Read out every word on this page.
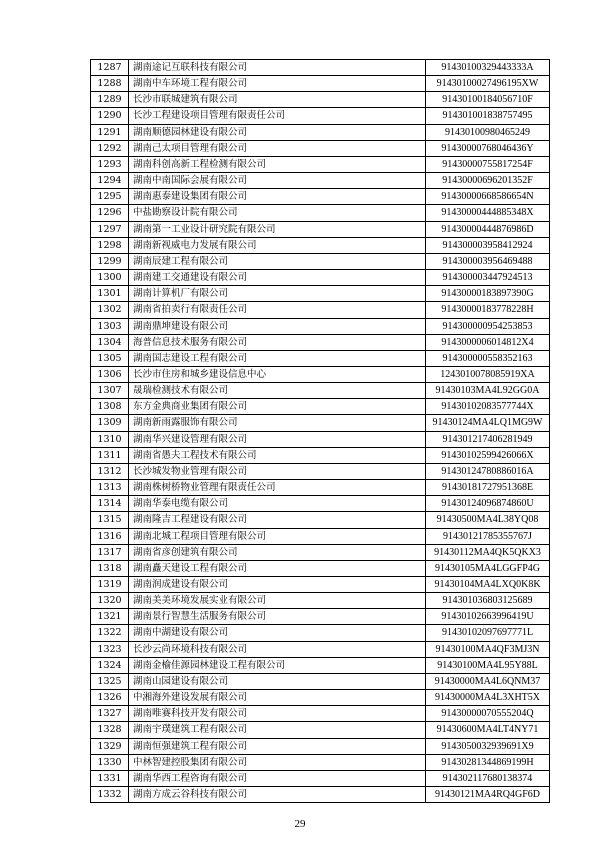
1287	湖南途记互联科技有限公司	91430100329443333A
1288	湖南中车环境工程有限公司	91430100027496195XW
1289	长沙市联城建筑有限公司	91430100184056710F
1290	长沙工程建设项目管理有限责任公司	914301001838757495
1291	湖南顺德园林建设有限公司	91430100980465249
1292	湖南己太项目管理有限公司	91430000768046436Y
1293	湖南科创高新工程检测有限公司	91430000755817254F
1294	湖南中南国际会展有限公司	91430000696201352F
1295	湖南惠泰建设集团有限公司	91430000668586654N
1296	中盐勘察设计院有限公司	91430000444885348X
1297	湖南第一工业设计研究院有限公司	91430000444876986D
1298	湖南新视威电力发展有限公司	914300003958412924
1299	湖南辰建工程有限公司	914300003956469488
1300	湖南建工交通建设有限公司	914300003447924513
1301	湖南计算机厂有限公司	91430000183897390G
1302	湖南省拍卖行有限责任公司	91430000183778228H
1303	湖南鼎坤建设有限公司	914300000954253853
1304	海普信息技术服务有限公司	9143000006014812X4
1305	湖南国志建设工程有限公司	914300000558352163
1306	长沙市住房和城乡建设信息中心	1243010078085919XA
1307	晟瑞检测技术有限公司	91430103MA4L92GG0A
1308	东方金典商业集团有限公司	91430102083577744X
1309	湖南新雨露服饰有限公司	91430124MA4LQ1MG9W
1310	湖南华兴建设管理有限公司	914301217406281949
1311	湖南省愚夫工程技术有限公司	91430102599426066X
1312	长沙城发物业管理有限公司	91430124780886016A
1313	湖南株树桥物业管理有限责任公司	91430181727951368E
1314	湖南华泰电缆有限公司	91430124096874860U
1315	湖南隆吉工程建设有限公司	91430500MA4L38YQ08
1316	湖南北城工程项目管理有限公司	91430121785355767J
1317	湖南省彦创建筑有限公司	91430112MA4QK5QKX3
1318	湖南矗天建设工程有限公司	91430105MA4LGGFP4G
1319	湖南润成建设有限公司	91430104MA4LXQ0K8K
1320	湖南美美环境发展实业有限公司	914301036803125689
1321	湖南景行智慧生活服务有限公司	91430102663996419U
1322	湖南中湖建设有限公司	91430102097697771L
1323	长沙云尚环境科技有限公司	91430100MA4QF3MJ3N
1324	湖南金榆佳源园林建设工程有限公司	91430100MA4L95Y88L
1325	湖南山园建设有限公司	91430000MA4L6QNM37
1326	中湘海外建设发展有限公司	91430000MA4L3XHT5X
1327	湖南唯赛科技开发有限公司	91430000070555204Q
1328	湖南宇璞建筑工程有限公司	91430600MA4LT4NY71
1329	湖南恒强建筑工程有限公司	9143050032939691X9
1330	中林智建控股集团有限公司	91430281344869199H
1331	湖南华西工程咨询有限公司	914302117680138374
1332	湖南方成云谷科技有限公司	91430121MA4RQ4GF6D
29
